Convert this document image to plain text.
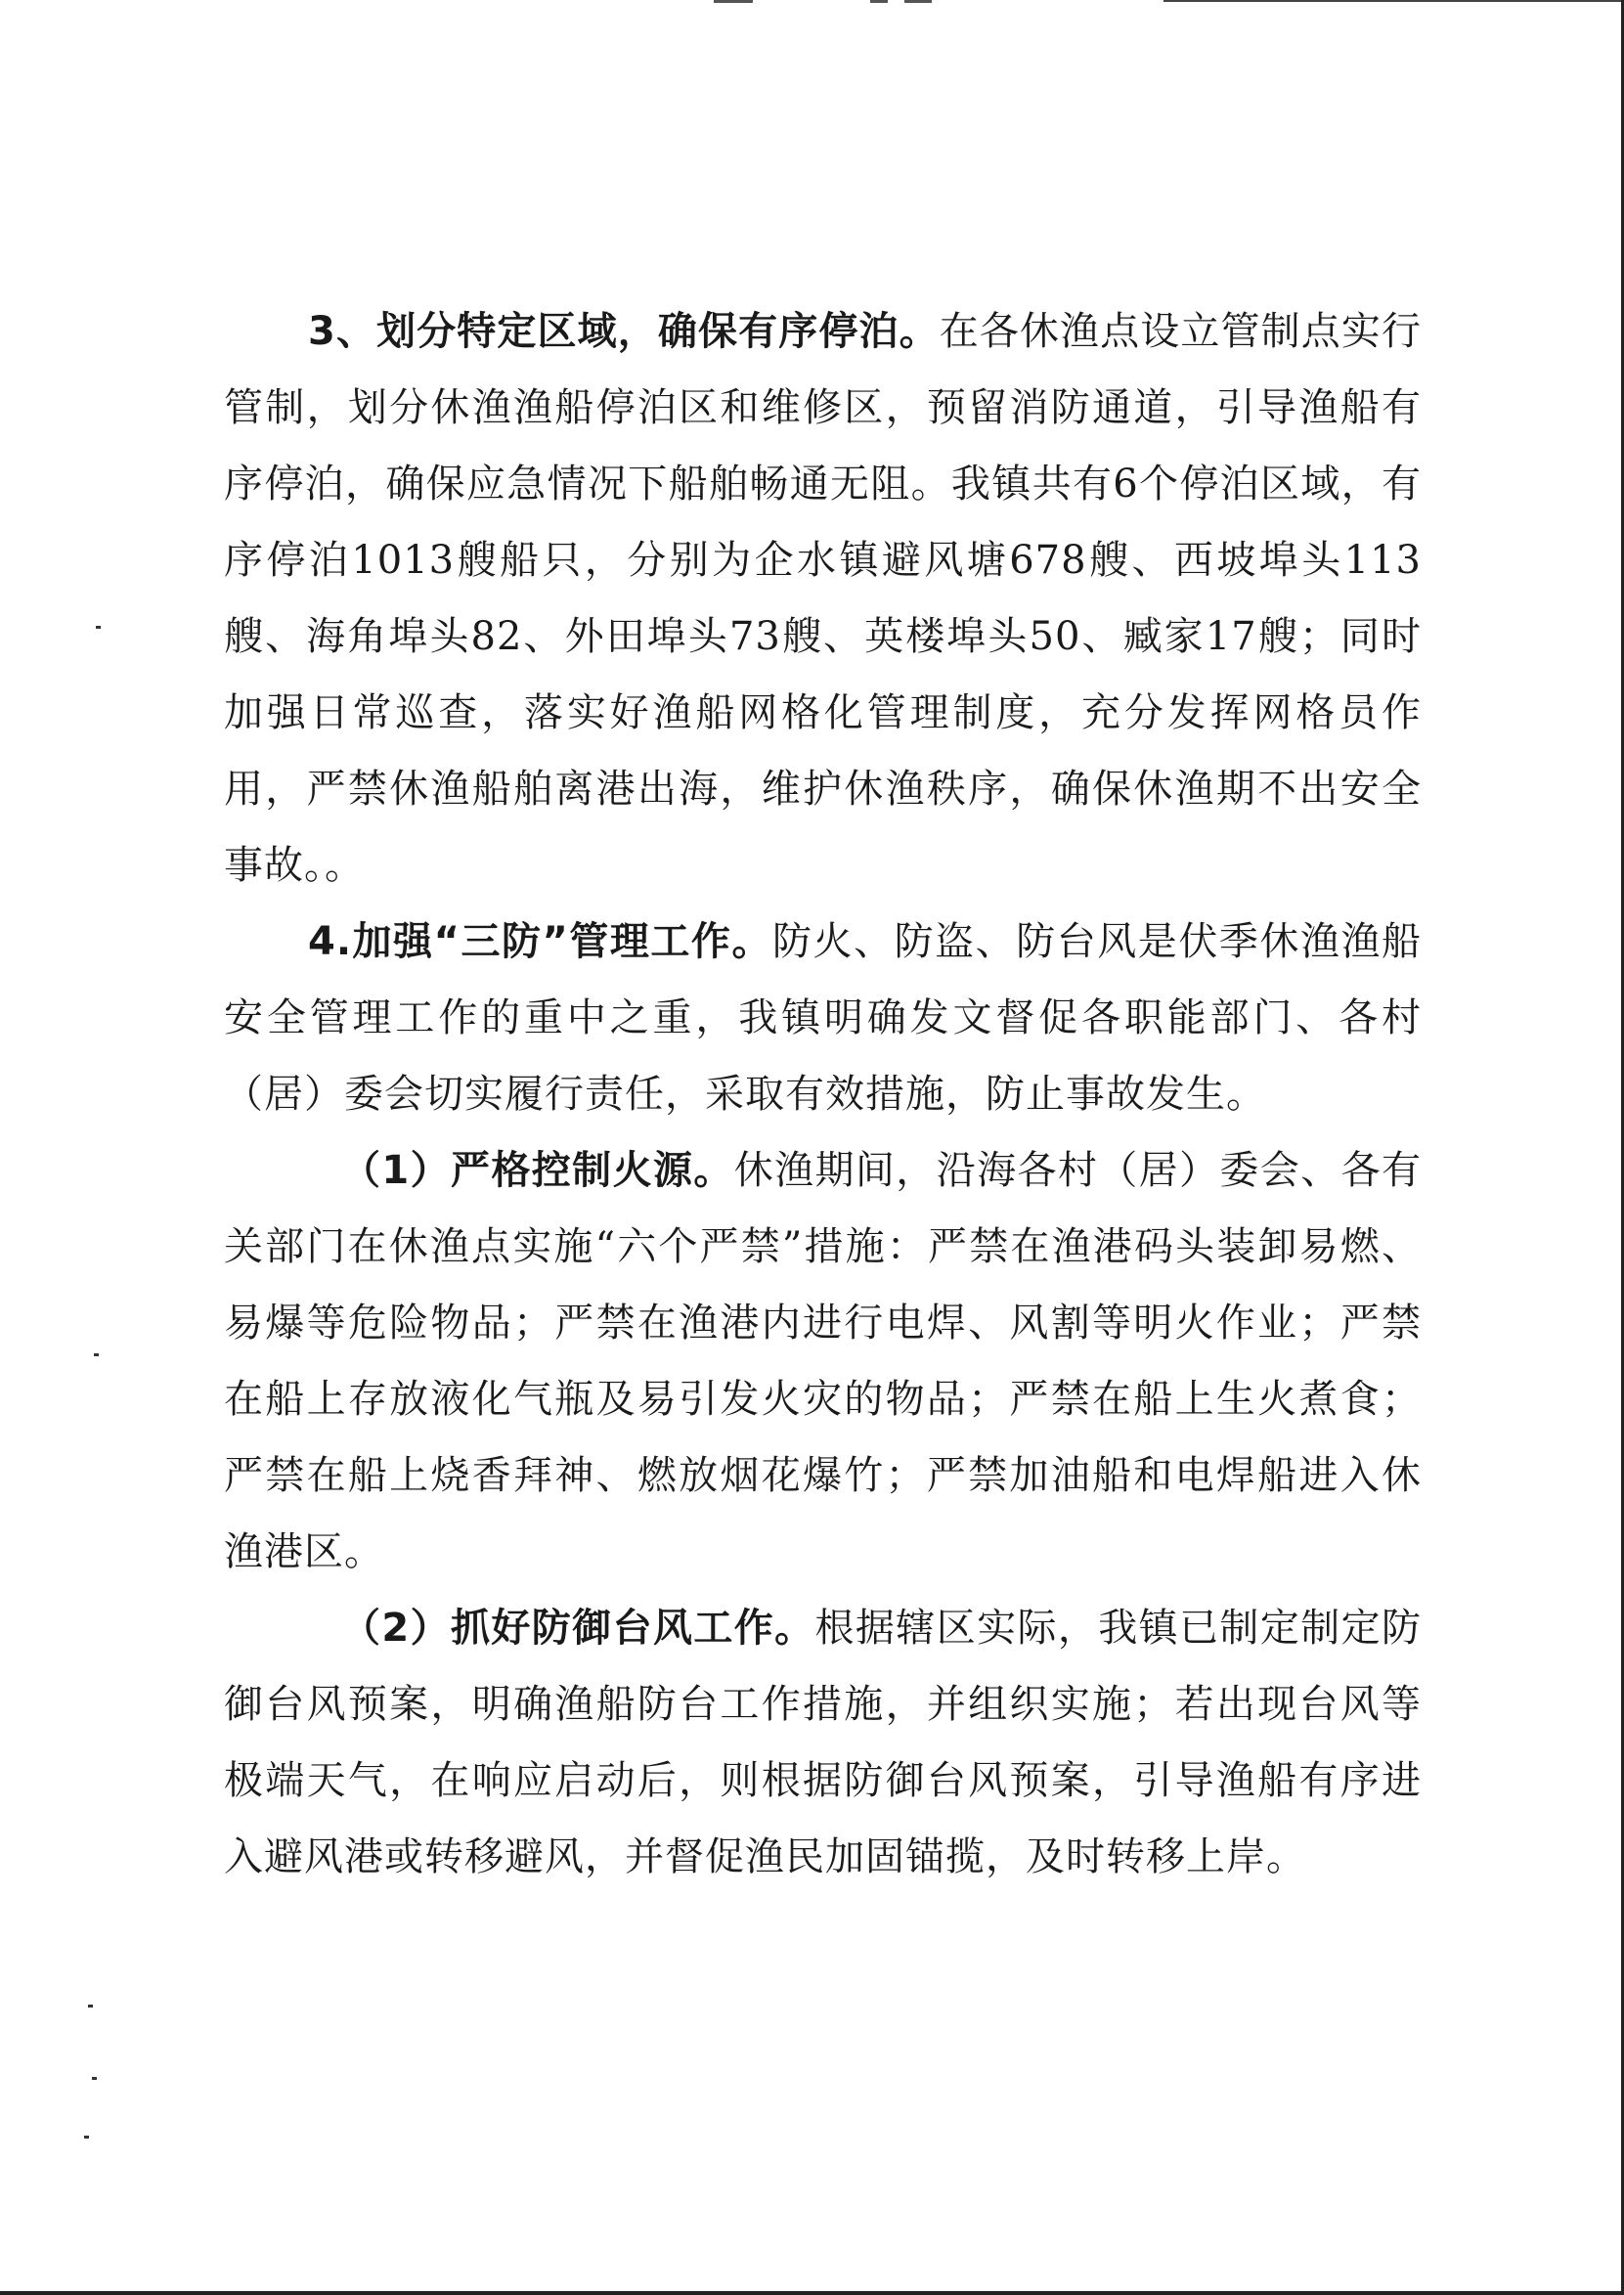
3、划分特定区域，确保有序停泊。在各休渔点设立管制点实行管制，划分休渔渔船停泊区和维修区，预留消防通道，引导渔船有序停泊，确保应急情况下船舶畅通无阻。我镇共有6个停泊区域，有序停泊1013艘船只，分别为企水镇避风塘678艘、西坡埠头113艘、海角埠头82、外田埠头73艘、英楼埠头50、臧家17艘；同时加强日常巡查，落实好渔船网格化管理制度，充分发挥网格员作用，严禁休渔船舶离港出海，维护休渔秩序，确保休渔期不出安全事故。。

4.加强“三防”管理工作。防火、防盗、防台风是伏季休渔渔船安全管理工作的重中之重，我镇明确发文督促各职能部门、各村（居）委会切实履行责任，采取有效措施，防止事故发生。

（1）严格控制火源。休渔期间，沿海各村（居）委会、各有关部门在休渔点实施“六个严禁”措施：严禁在渔港码头装卸易燃、易爆等危险物品；严禁在渔港内进行电焊、风割等明火作业；严禁在船上存放液化气瓶及易引发火灾的物品；严禁在船上生火煮食；严禁在船上烧香拜神、燃放烟花爆竹；严禁加油船和电焊船进入休渔港区。

（2）抓好防御台风工作。根据辖区实际，我镇已制定制定防御台风预案，明确渔船防台工作措施，并组织实施；若出现台风等极端天气，在响应启动后，则根据防御台风预案，引导渔船有序进入避风港或转移避风，并督促渔民加固锚揽，及时转移上岸。
